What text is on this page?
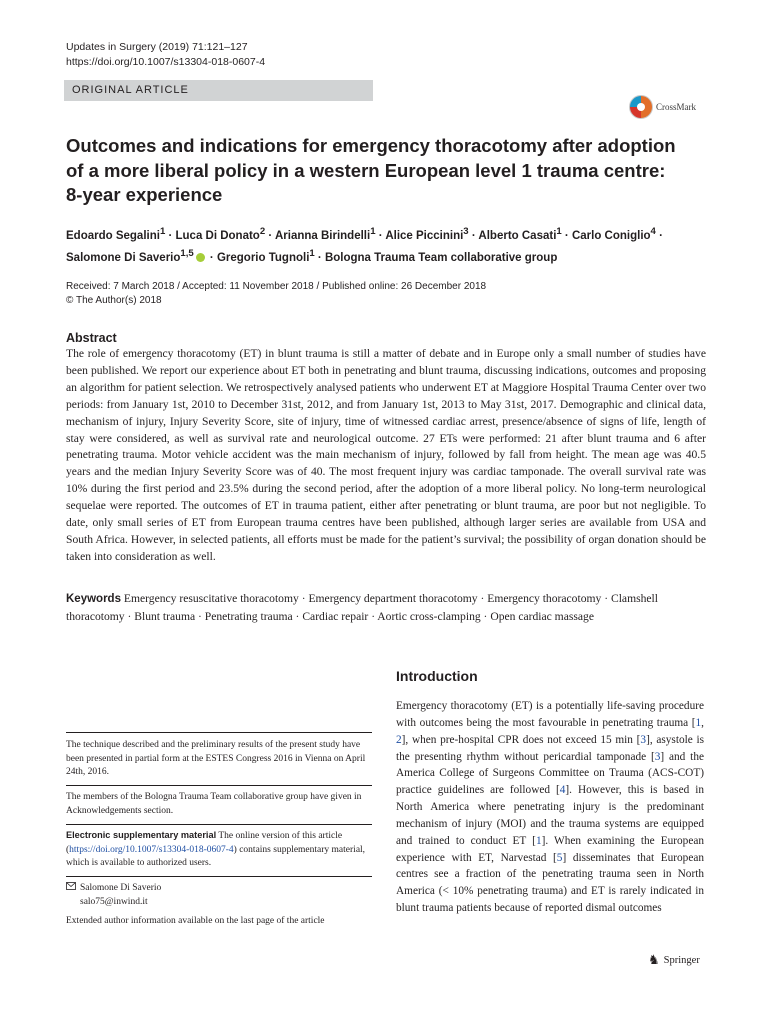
Updates in Surgery (2019) 71:121–127
https://doi.org/10.1007/s13304-018-0607-4
ORIGINAL ARTICLE
CrossMark
Outcomes and indications for emergency thoracotomy after adoption
of a more liberal policy in a western European level 1 trauma centre:
8-year experience
Edoardo Segalini$^1$ · Luca Di Donato$^2$ · Arianna Birindelli$^1$ · Alice Piccinini$^3$ · Alberto Casati$^1$ · Carlo Coniglio$^4$ ·
Salomone Di Saverio$^{1,5}$ · Gregorio Tugnoli$^1$ · Bologna Trauma Team collaborative group
Received: 7 March 2018 / Accepted: 11 November 2018 / Published online: 26 December 2018
© The Author(s) 2018
Abstract
The role of emergency thoracotomy (ET) in blunt trauma is still a matter of debate and in Europe only a small number of studies have been published. We report our experience about ET both in penetrating and blunt trauma, discussing indications, outcomes and proposing an algorithm for patient selection. We retrospectively analysed patients who underwent ET at Maggiore Hospital Trauma Center over two periods: from January 1st, 2010 to December 31st, 2012, and from January 1st, 2013 to May 31st, 2017. Demographic and clinical data, mechanism of injury, Injury Severity Score, site of injury, time of witnessed cardiac arrest, presence/absence of signs of life, length of stay were considered, as well as survival rate and neurological outcome. 27 ETs were performed: 21 after blunt trauma and 6 after penetrating trauma. Motor vehicle accident was the main mechanism of injury, followed by fall from height. The mean age was 40.5 years and the median Injury Severity Score was of 40. The most frequent injury was cardiac tamponade. The overall survival rate was 10% during the first period and 23.5% during the second period, after the adoption of a more liberal policy. No long-term neurological sequelae were reported. The outcomes of ET in trauma patient, either after penetrating or blunt trauma, are poor but not negligible. To date, only small series of ET from European trauma centres have been published, although larger series are available from USA and South Africa. However, in selected patients, all efforts must be made for the patient’s survival; the possibility of organ donation should be taken into consideration as well.
Keywords Emergency resuscitative thoracotomy · Emergency department thoracotomy · Emergency thoracotomy · Clamshell thoracotomy · Blunt trauma · Penetrating trauma · Cardiac repair · Aortic cross-clamping · Open cardiac massage
Introduction
Emergency thoracotomy (ET) is a potentially life-saving procedure with outcomes being the most favourable in penetrating trauma [1, 2], when pre-hospital CPR does not exceed 15 min [3], asystole is the presenting rhythm without pericardial tamponade [3] and the America College of Surgeons Committee on Trauma (ACS-COT) practice guidelines are followed [4]. However, this is based in North America where penetrating injury is the predominant mechanism of injury (MOI) and the trauma systems are equipped and trained to conduct ET [1]. When examining the European experience with ET, Narvestad [5] disseminates that European centres see a fraction of the penetrating trauma seen in North America (< 10% penetrating trauma) and ET is rarely indicated in blunt trauma patients because of reported dismal outcomes
The technique described and the preliminary results of the present study have been presented in partial form at the ESTES Congress 2016 in Vienna on April 24th, 2016.
The members of the Bologna Trauma Team collaborative group have given in Acknowledgements section.
Electronic supplementary material The online version of this article (https://doi.org/10.1007/s13304-018-0607-4) contains supplementary material, which is available to authorized users.
Salomone Di Saverio
salo75@inwind.it
Extended author information available on the last page of the article
♞ Springer
